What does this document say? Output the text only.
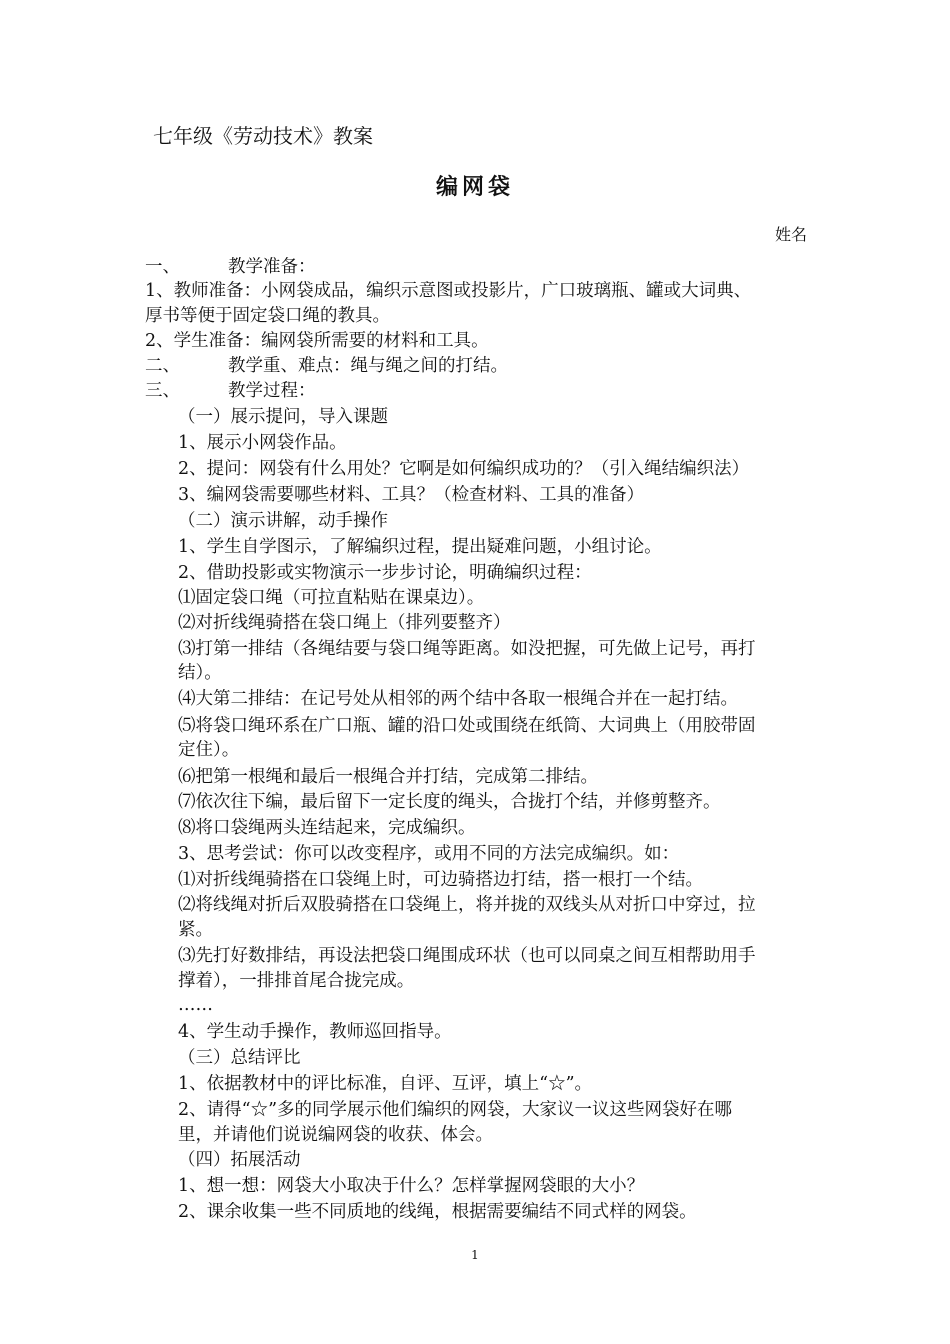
七年级《劳动技术》教案
编网袋
姓名
一、	教学准备：
1、教师准备：小网袋成品，编织示意图或投影片，广口玻璃瓶、罐或大词典、
厚书等便于固定袋口绳的教具。
2、学生准备：编网袋所需要的材料和工具。
二、	教学重、难点：绳与绳之间的打结。
三、	教学过程：
（一）展示提问，导入课题
1、展示小网袋作品。
2、提问：网袋有什么用处？它啊是如何编织成功的？（引入绳结编织法）
3、编网袋需要哪些材料、工具？（检查材料、工具的准备）
（二）演示讲解，动手操作
1、学生自学图示，了解编织过程，提出疑难问题，小组讨论。
2、借助投影或实物演示一步步讨论，明确编织过程：
⑴固定袋口绳（可拉直粘贴在课桌边）。
⑵对折线绳骑搭在袋口绳上（排列要整齐）
⑶打第一排结（各绳结要与袋口绳等距离。如没把握，可先做上记号，再打
结）。
⑷大第二排结：在记号处从相邻的两个结中各取一根绳合并在一起打结。
⑸将袋口绳环系在广口瓶、罐的沿口处或围绕在纸筒、大词典上（用胶带固
定住）。
⑹把第一根绳和最后一根绳合并打结，完成第二排结。
⑺依次往下编，最后留下一定长度的绳头，合拢打个结，并修剪整齐。
⑻将口袋绳两头连结起来，完成编织。
3、思考尝试：你可以改变程序，或用不同的方法完成编织。如：
⑴对折线绳骑搭在口袋绳上时，可边骑搭边打结，搭一根打一个结。
⑵将线绳对折后双股骑搭在口袋绳上，将并拢的双线头从对折口中穿过，拉
紧。
⑶先打好数排结，再设法把袋口绳围成环状（也可以同桌之间互相帮助用手
撑着），一排排首尾合拢完成。
……
4、学生动手操作，教师巡回指导。
（三）总结评比
1、依据教材中的评比标准，自评、互评，填上“☆”。
2、请得“☆”多的同学展示他们编织的网袋，大家议一议这些网袋好在哪
里，并请他们说说编网袋的收获、体会。
（四）拓展活动
1、想一想：网袋大小取决于什么？怎样掌握网袋眼的大小？
2、课余收集一些不同质地的线绳，根据需要编结不同式样的网袋。
1
